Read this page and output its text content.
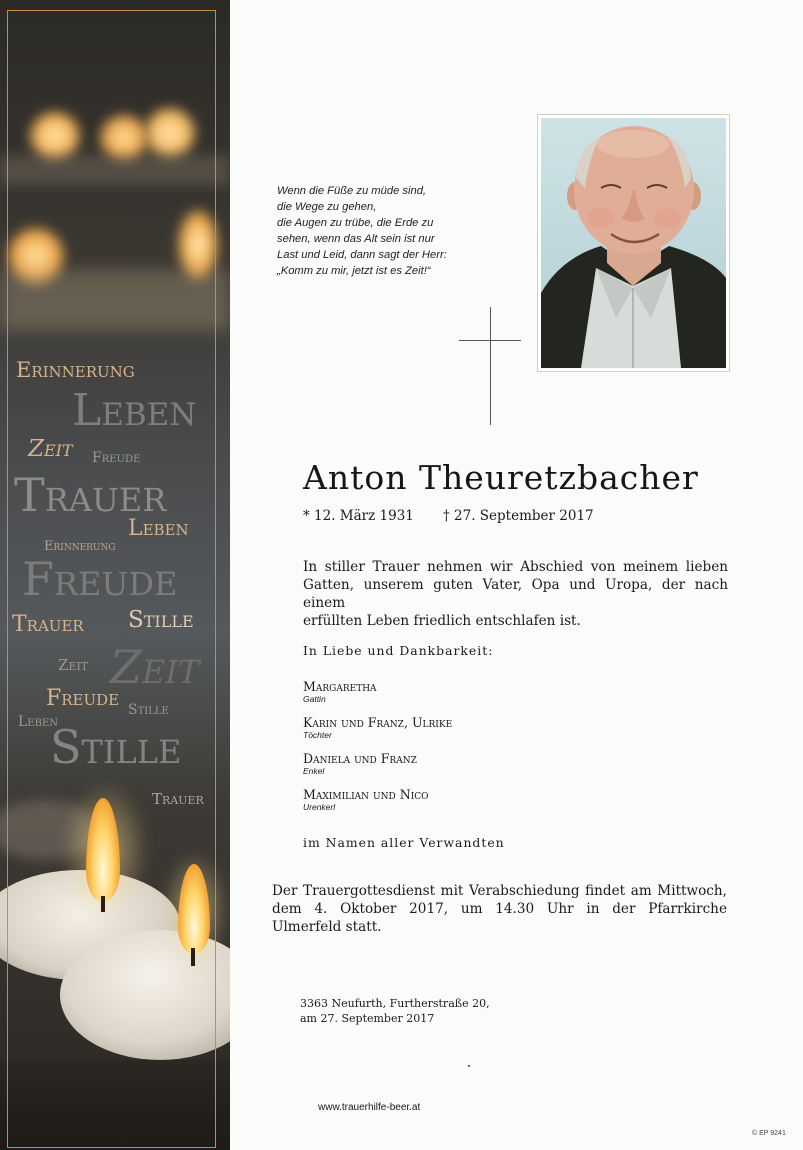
Erinnerung
Leben
Zeit Freude
Trauer
Leben
Erinnerung
Freude
Trauer Stille
Zeit Zeit
Freude Stille
Leben
Stille
Trauer
Wenn die Füße zu müde sind,
die Wege zu gehen,
die Augen zu trübe, die Erde zu
sehen, wenn das Alt sein ist nur
Last und Leid, dann sagt der Herr:
„Komm zu mir, jetzt ist es Zeit!“
Anton Theuretzbacher
* 12. März 1931 † 27. September 2017
In stiller Trauer nehmen wir Abschied von meinem lieben
Gatten, unserem guten Vater, Opa und Uropa, der nach einem
erfüllten Leben friedlich entschlafen ist.
In Liebe und Dankbarkeit:
Margaretha
Gattin
Karin und Franz, Ulrike
Töchter
Daniela und Franz
Enkel
Maximilian und Nico
Urenkerl
im Namen aller Verwandten
Der Trauergottesdienst mit Verabschiedung findet am Mittwoch,
dem 4. Oktober 2017, um 14.30 Uhr in der Pfarrkirche
Ulmerfeld statt.
3363 Neufurth, Furtherstraße 20,
am 27. September 2017
www.trauerhilfe-beer.at
© EP 9241
